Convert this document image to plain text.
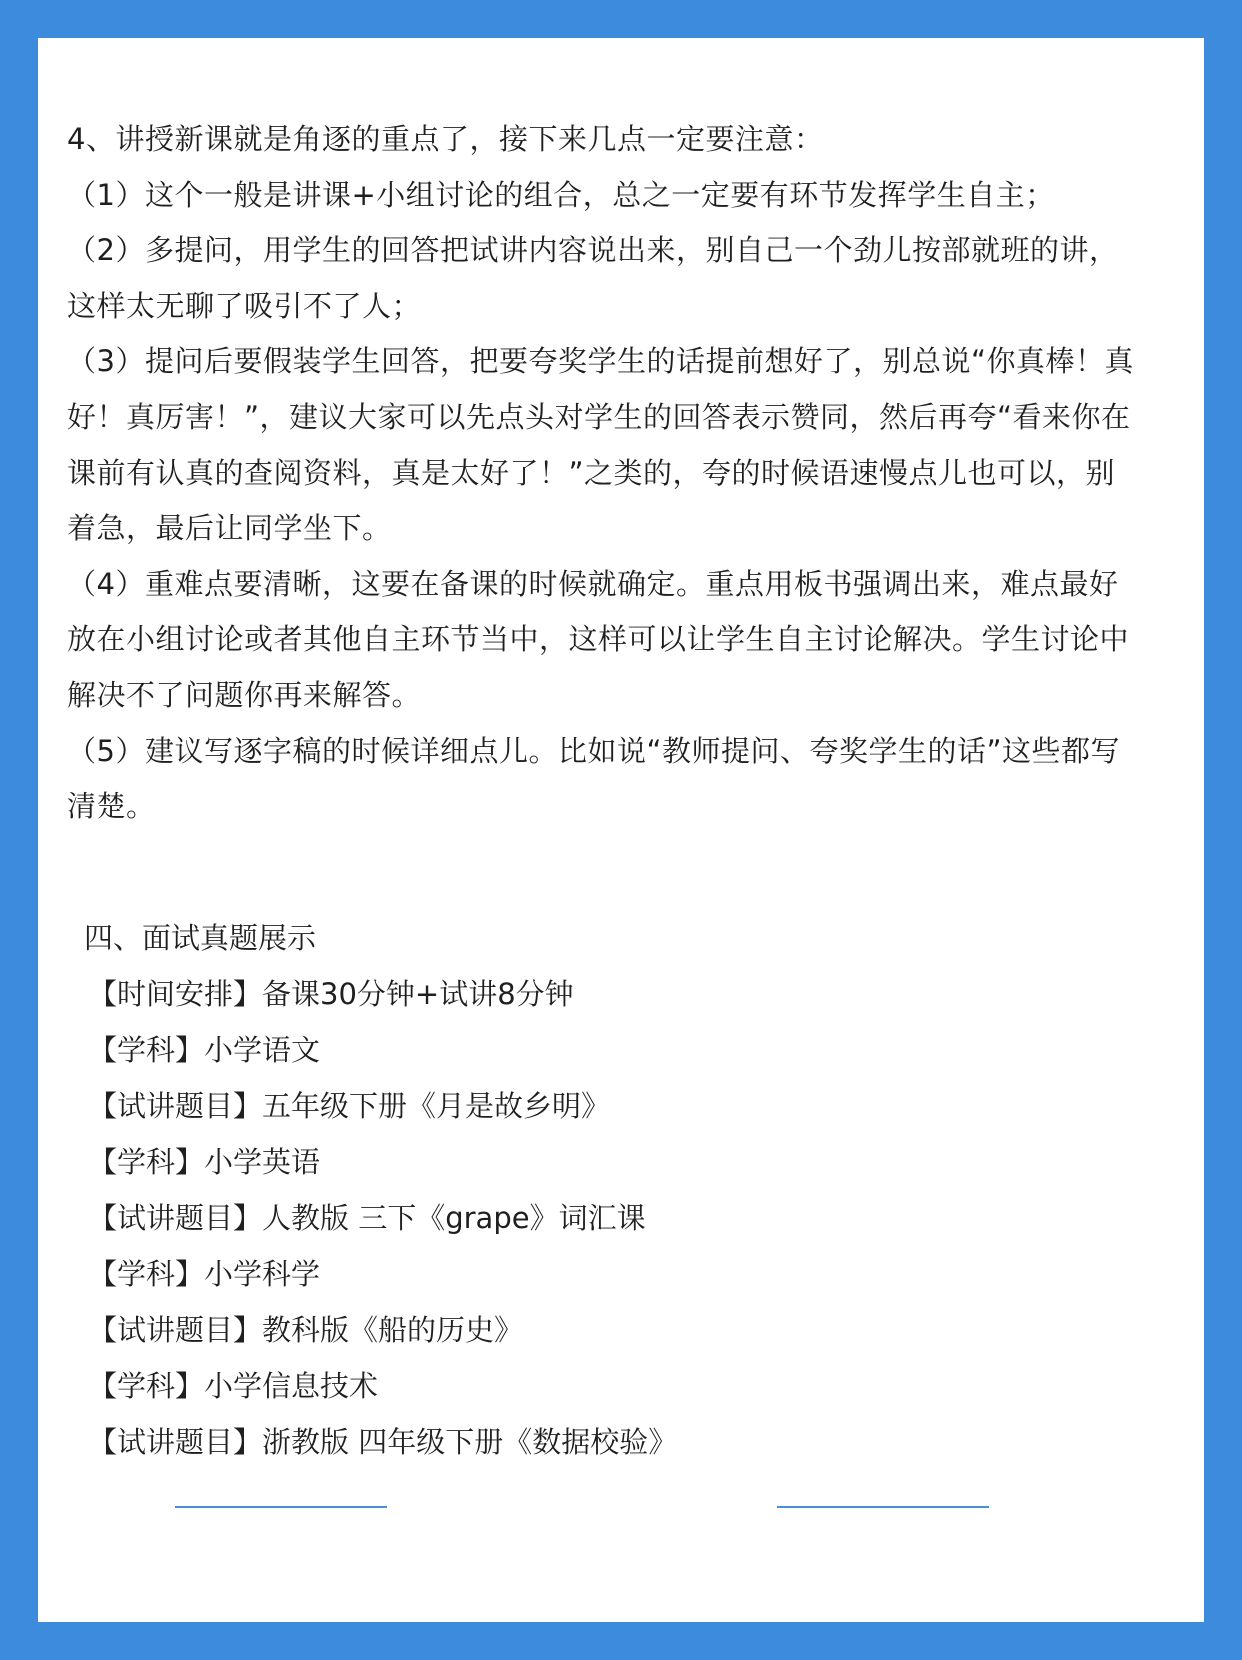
4、讲授新课就是角逐的重点了，接下来几点一定要注意：

（1）这个一般是讲课+小组讨论的组合，总之一定要有环节发挥学生自主；

（2）多提问，用学生的回答把试讲内容说出来，别自己一个劲儿按部就班的讲，这样太无聊了吸引不了人；

（3）提问后要假装学生回答，把要夸奖学生的话提前想好了，别总说“你真棒！真好！真厉害！”，建议大家可以先点头对学生的回答表示赞同，然后再夸“看来你在课前有认真的查阅资料，真是太好了！”之类的，夸的时候语速慢点儿也可以，别着急，最后让同学坐下。

（4）重难点要清晰，这要在备课的时候就确定。重点用板书强调出来，难点最好放在小组讨论或者其他自主环节当中，这样可以让学生自主讨论解决。学生讨论中解决不了问题你再来解答。

（5）建议写逐字稿的时候详细点儿。比如说“教师提问、夸奖学生的话”这些都写清楚。

四、面试真题展示

【时间安排】备课30分钟+试讲8分钟

【学科】小学语文

【试讲题目】五年级下册《月是故乡明》

【学科】小学英语

【试讲题目】人教版 三下《grape》词汇课

【学科】小学科学

【试讲题目】教科版《船的历史》

【学科】小学信息技术

【试讲题目】浙教版 四年级下册《数据校验》
